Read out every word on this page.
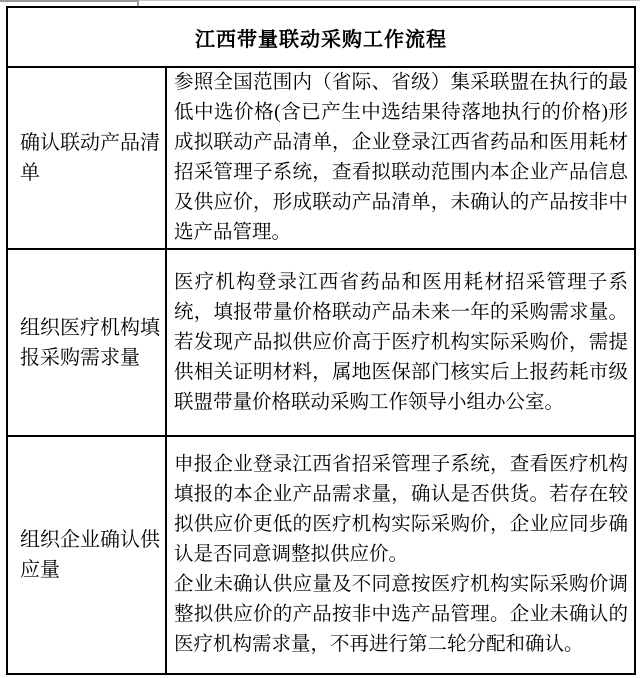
江西带量联动采购工作流程	
确认联动产品清单	参照全国范围内（省际、省级）集采联盟在执行的最低中选价格(含已产生中选结果待落地执行的价格)形成拟联动产品清单，企业登录江西省药品和医用耗材招采管理子系统，查看拟联动范围内本企业产品信息及供应价，形成联动产品清单，未确认的产品按非中选产品管理。

组织医疗机构填报采购需求量	医疗机构登录江西省药品和医用耗材招采管理子系统，填报带量价格联动产品未来一年的采购需求量。若发现产品拟供应价高于医疗机构实际采购价，需提供相关证明材料，属地医保部门核实后上报药耗市级联盟带量价格联动采购工作领导小组办公室。

组织企业确认供应量	申报企业登录江西省招采管理子系统，查看医疗机构填报的本企业产品需求量，确认是否供货。若存在较拟供应价更低的医疗机构实际采购价，企业应同步确认是否同意调整拟供应价。

企业未确认供应量及不同意按医疗机构实际采购价调整拟供应价的产品按非中选产品管理。企业未确认的医疗机构需求量，不再进行第二轮分配和确认。
